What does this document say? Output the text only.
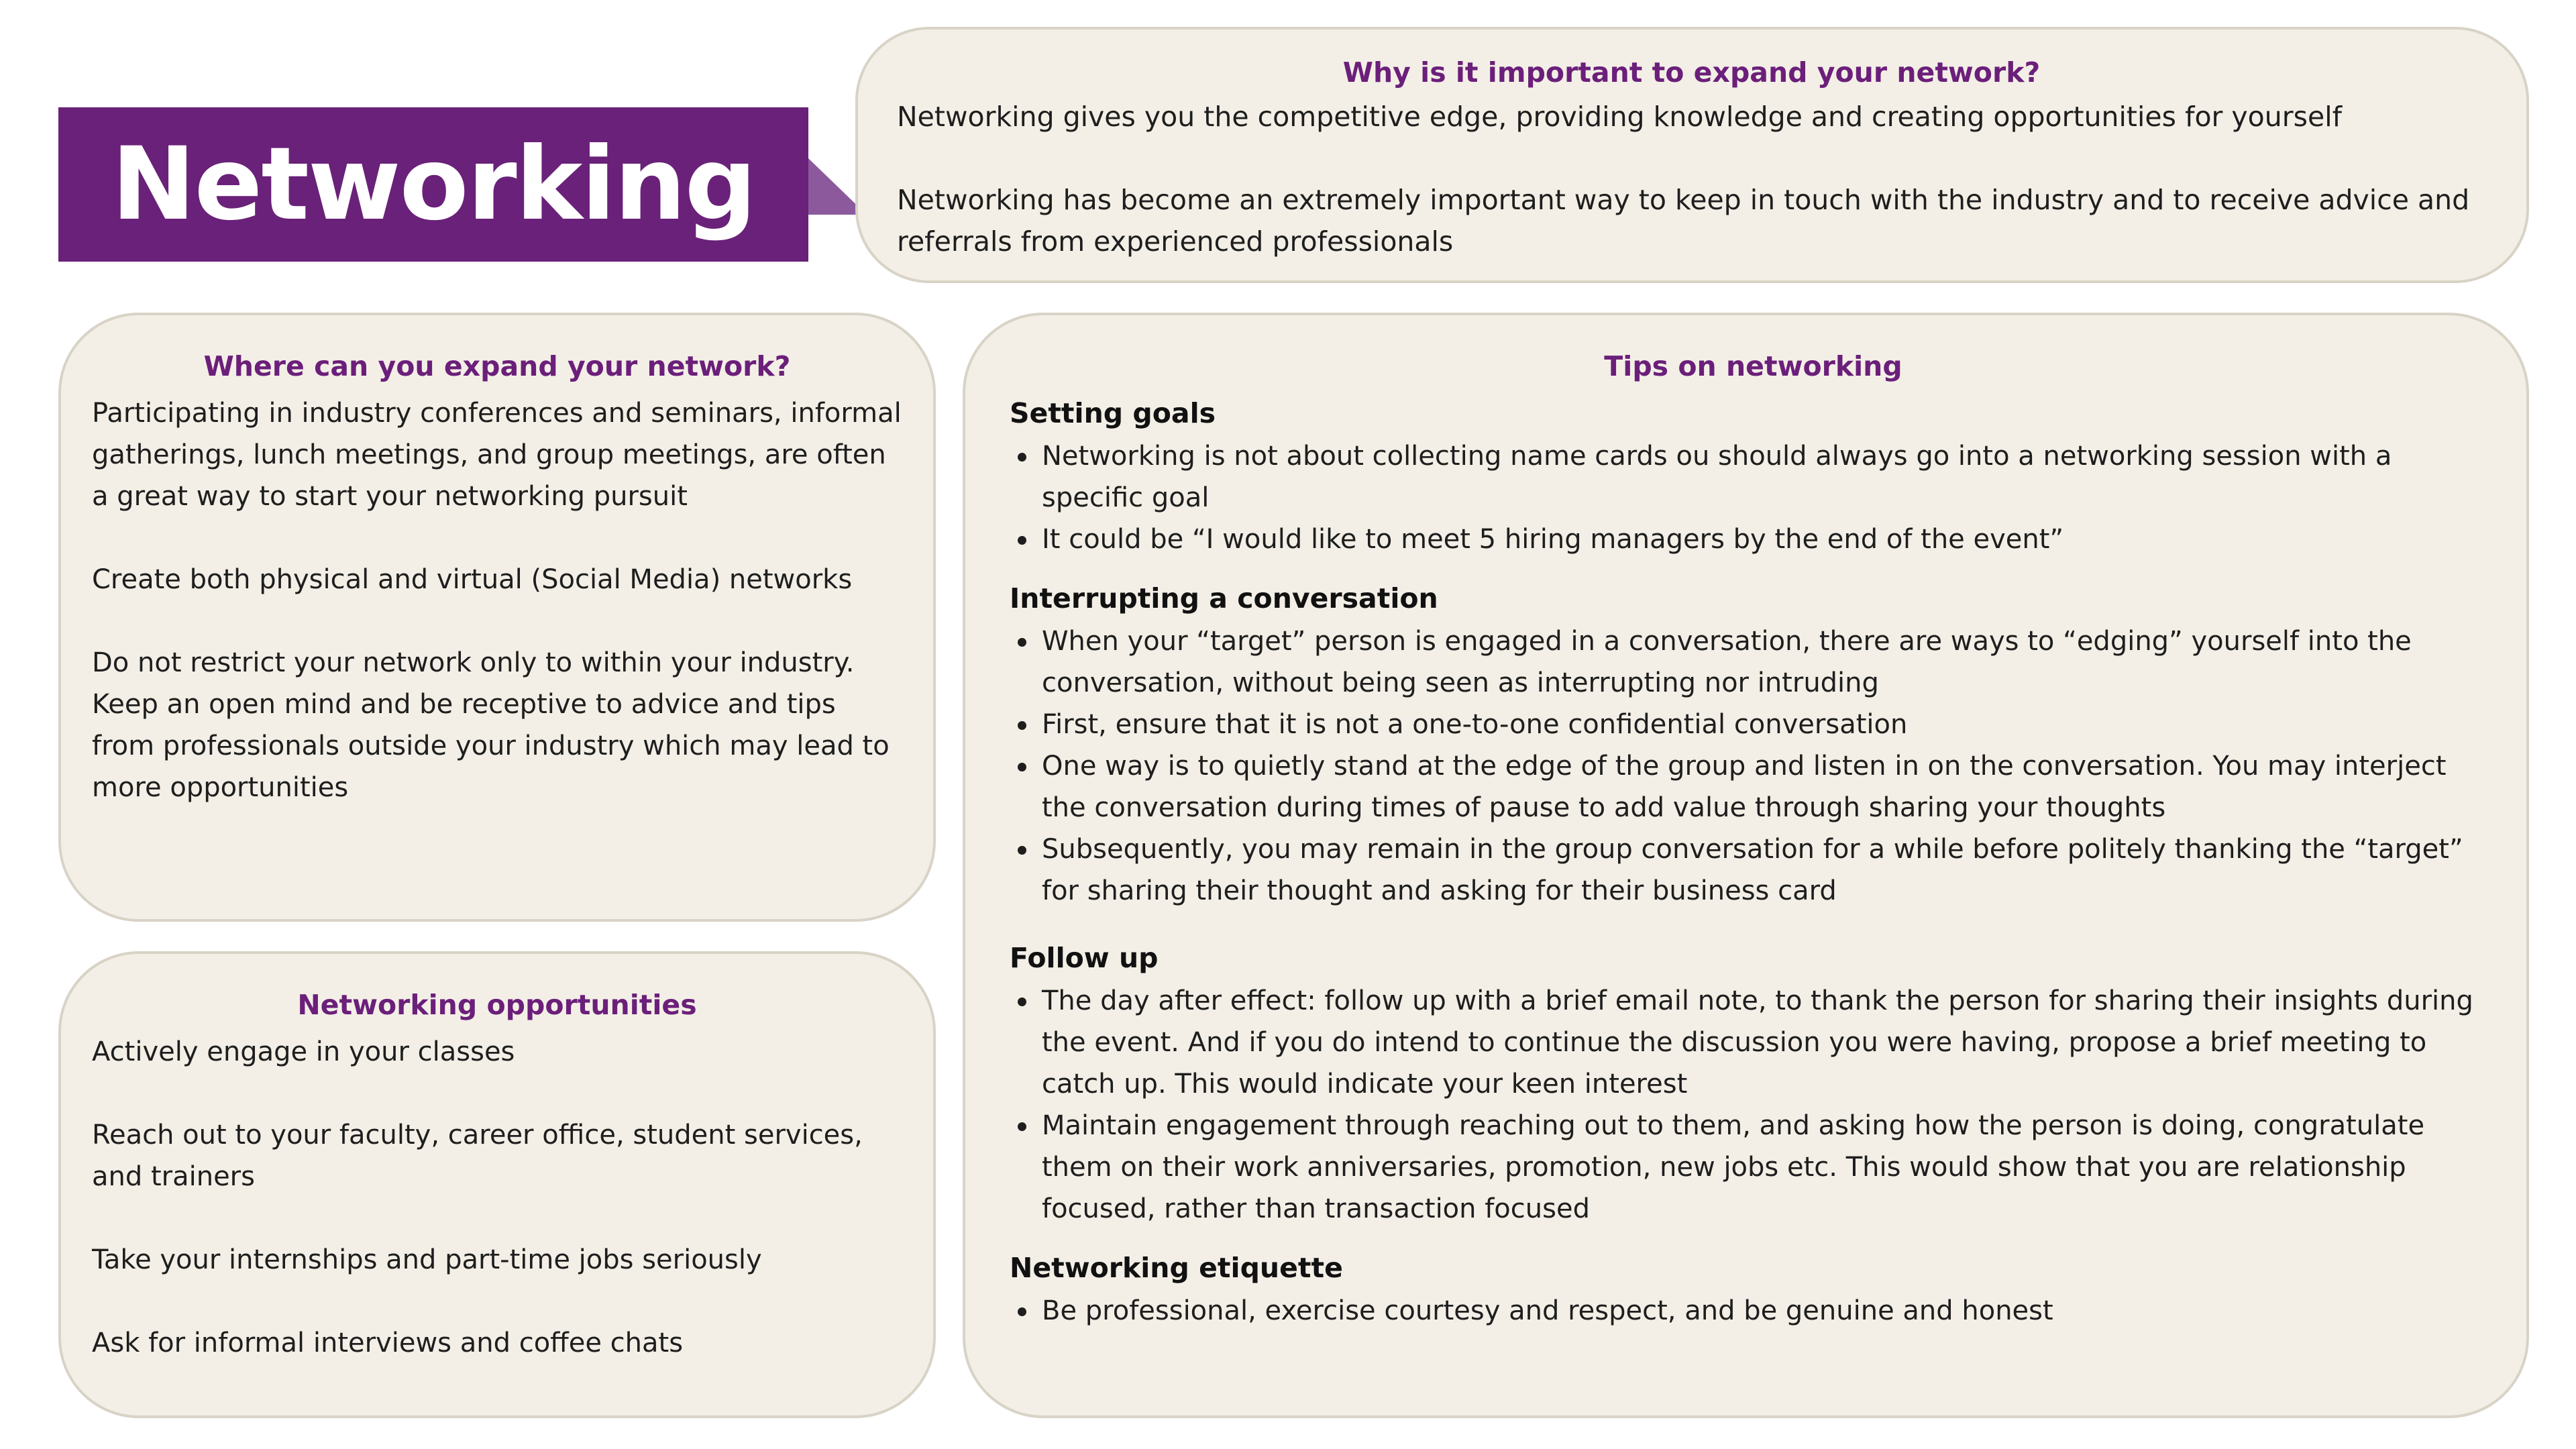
Networking
Why is it important to expand your network?

Networking gives you the competitive edge, providing knowledge and creating opportunities for yourself

Networking has become an extremely important way to keep in touch with the industry and to receive advice and referrals from experienced professionals

Where can you expand your network?

Participating in industry conferences and seminars, informal gatherings, lunch meetings, and group meetings, are often a great way to start your networking pursuit

Create both physical and virtual (Social Media) networks

Do not restrict your network only to within your industry. Keep an open mind and be receptive to advice and tips from professionals outside your industry which may lead to more opportunities

Networking opportunities

Actively engage in your classes

Reach out to your faculty, career office, student services, and trainers

Take your internships and part-time jobs seriously

Ask for informal interviews and coffee chats

Tips on networking
Setting goals
Networking is not about collecting name cards ou should always go into a networking session with a specific goal
It could be “I would like to meet 5 hiring managers by the end of the event”
Interrupting a conversation
When your “target” person is engaged in a conversation, there are ways to “edging” yourself into the conversation, without being seen as interrupting nor intruding
First, ensure that it is not a one-to-one confidential conversation
One way is to quietly stand at the edge of the group and listen in on the conversation. You may interject the conversation during times of pause to add value through sharing your thoughts
Subsequently, you may remain in the group conversation for a while before politely thanking the “target” for sharing their thought and asking for their business card
Follow up
The day after effect: follow up with a brief email note, to thank the person for sharing their insights during the event. And if you do intend to continue the discussion you were having, propose a brief meeting to catch up. This would indicate your keen interest
Maintain engagement through reaching out to them, and asking how the person is doing, congratulate them on their work anniversaries, promotion, new jobs etc. This would show that you are relationship focused, rather than transaction focused
Networking etiquette
Be professional, exercise courtesy and respect, and be genuine and honest
